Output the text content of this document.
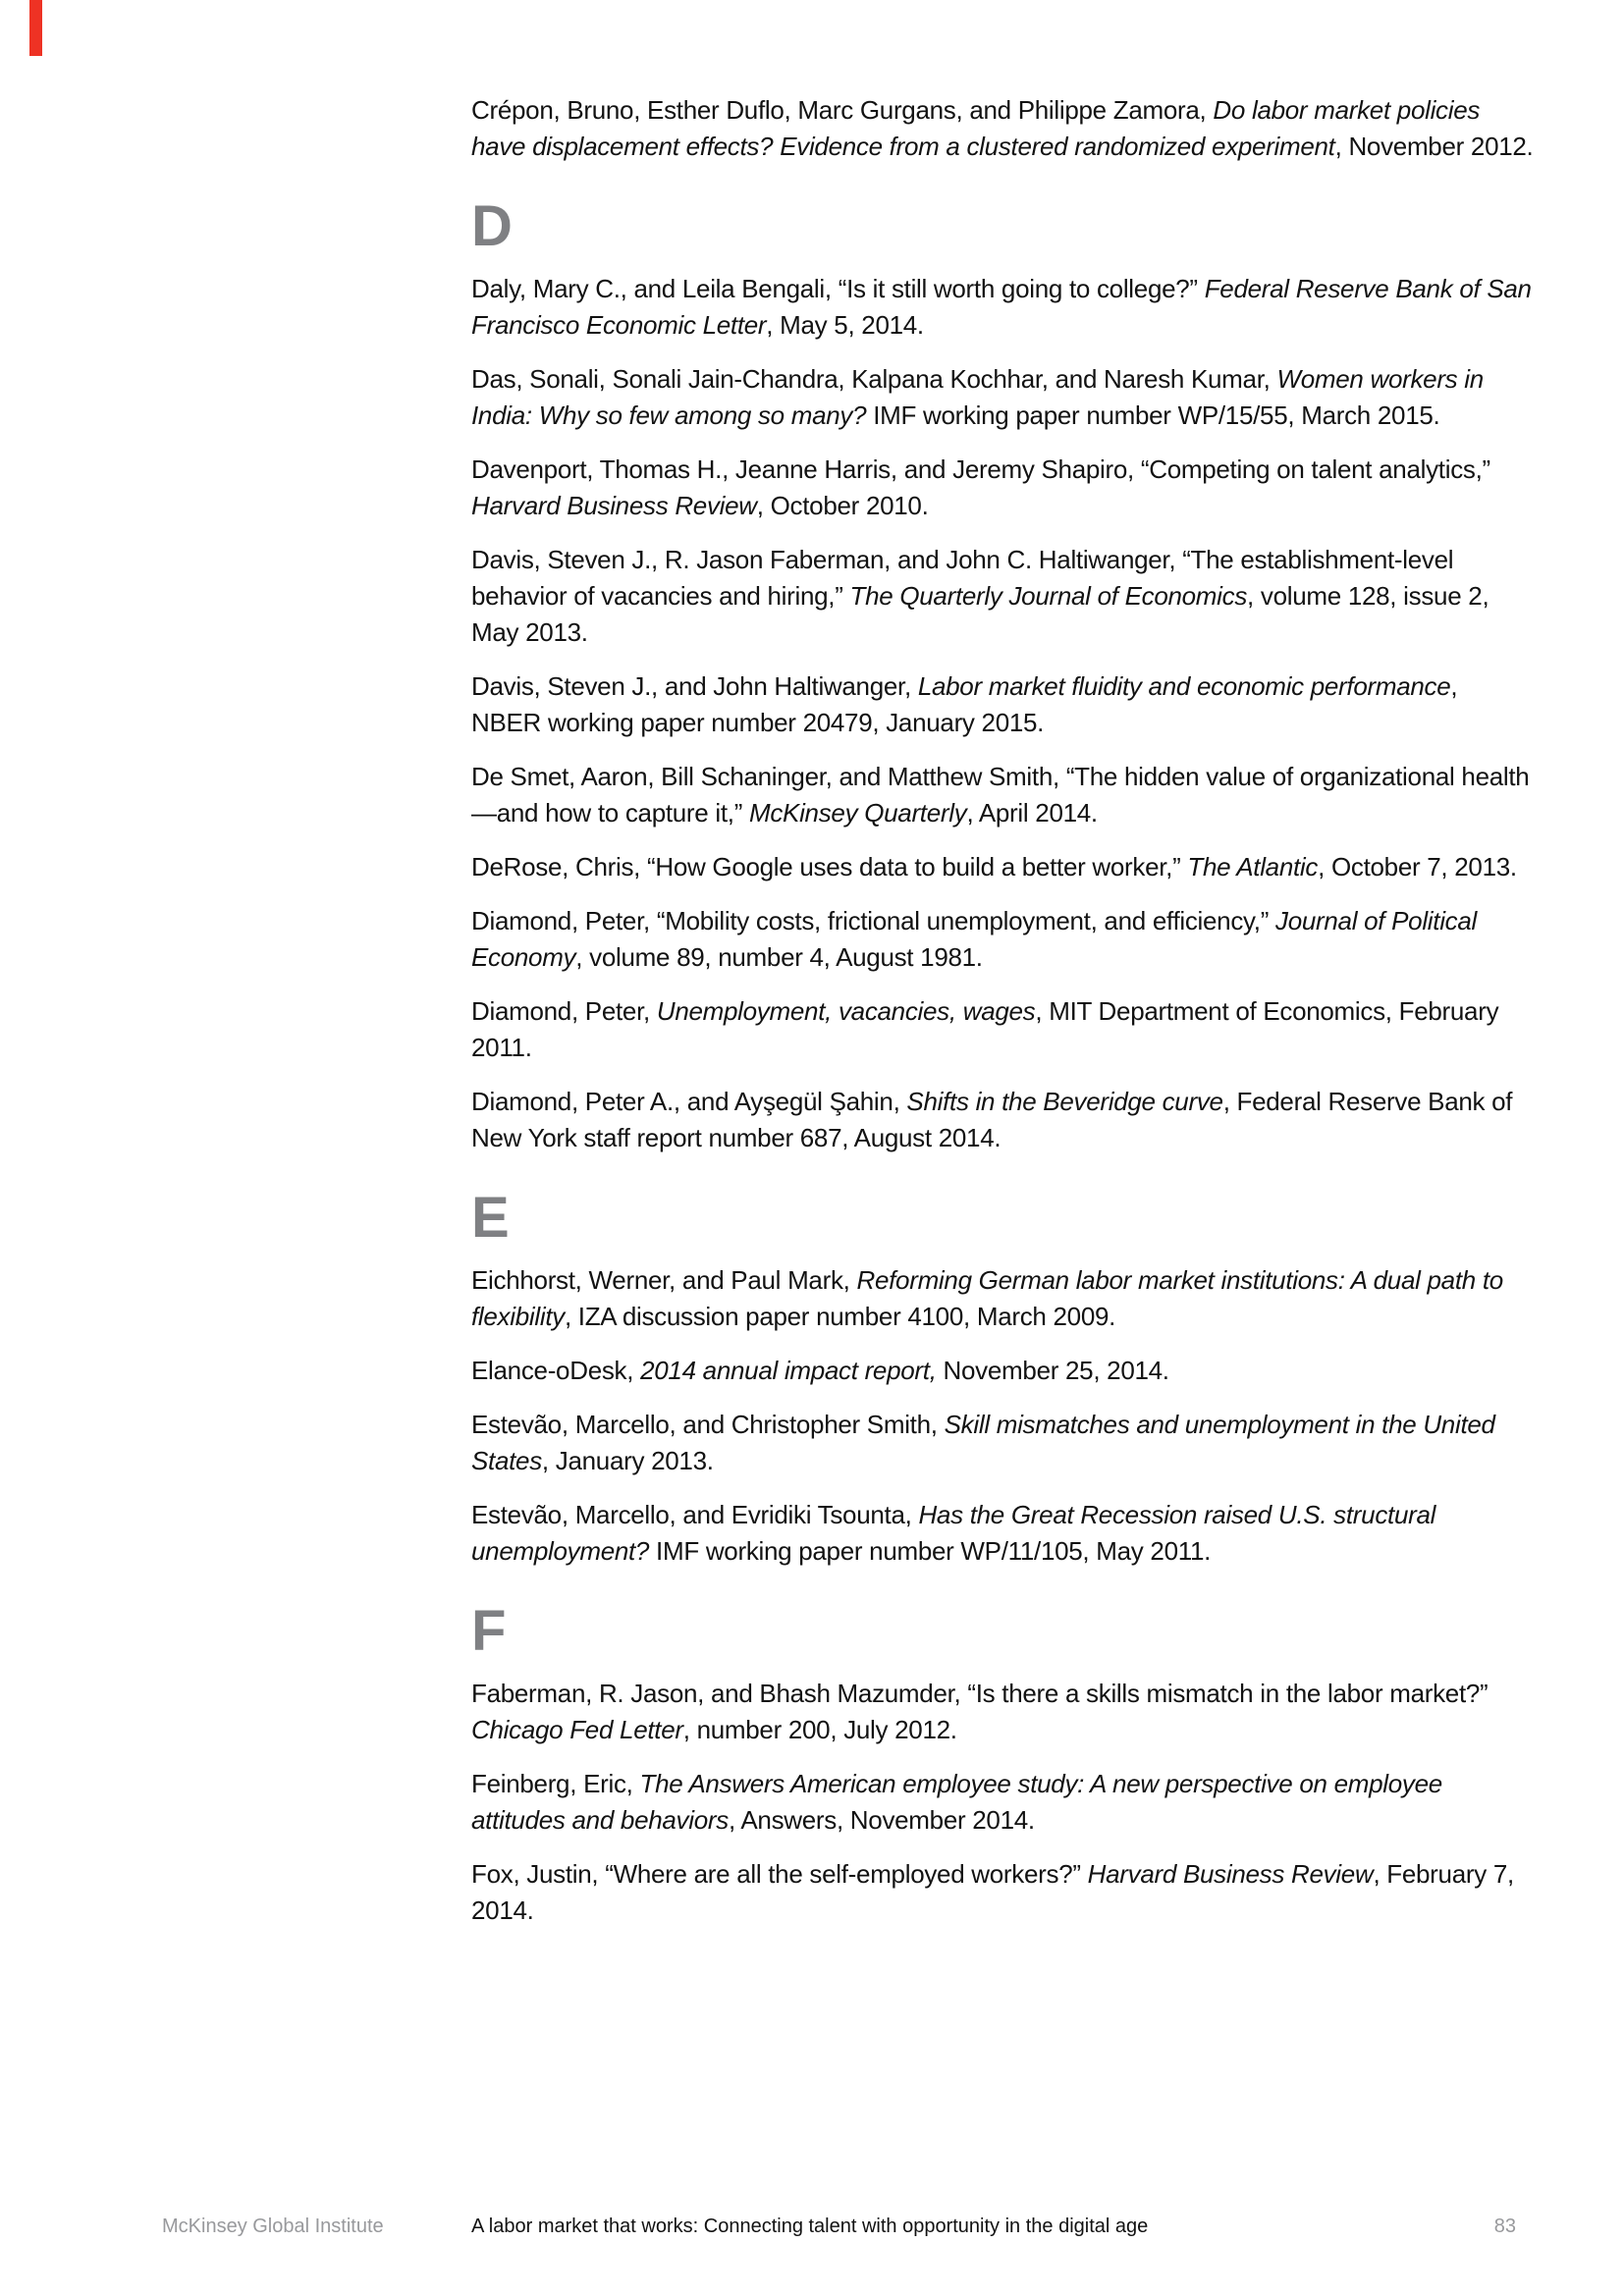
Crépon, Bruno, Esther Duflo, Marc Gurgans, and Philippe Zamora, Do labor market policies have displacement effects? Evidence from a clustered randomized experiment, November 2012.

D

Daly, Mary C., and Leila Bengali, “Is it still worth going to college?” Federal Reserve Bank of San Francisco Economic Letter, May 5, 2014.

Das, Sonali, Sonali Jain-Chandra, Kalpana Kochhar, and Naresh Kumar, Women workers in India: Why so few among so many? IMF working paper number WP/15/55, March 2015.

Davenport, Thomas H., Jeanne Harris, and Jeremy Shapiro, “Competing on talent analytics,” Harvard Business Review, October 2010.

Davis, Steven J., R. Jason Faberman, and John C. Haltiwanger, “The establishment-level behavior of vacancies and hiring,” The Quarterly Journal of Economics, volume 128, issue 2, May 2013.

Davis, Steven J., and John Haltiwanger, Labor market fluidity and economic performance, NBER working paper number 20479, January 2015.

De Smet, Aaron, Bill Schaninger, and Matthew Smith, “The hidden value of organizational health—and how to capture it,” McKinsey Quarterly, April 2014.

DeRose, Chris, “How Google uses data to build a better worker,” The Atlantic, October 7, 2013.

Diamond, Peter, “Mobility costs, frictional unemployment, and efficiency,” Journal of Political Economy, volume 89, number 4, August 1981.

Diamond, Peter, Unemployment, vacancies, wages, MIT Department of Economics, February 2011.

Diamond, Peter A., and Ayşegül Şahin, Shifts in the Beveridge curve, Federal Reserve Bank of New York staff report number 687, August 2014.

E

Eichhorst, Werner, and Paul Mark, Reforming German labor market institutions: A dual path to flexibility, IZA discussion paper number 4100, March 2009.

Elance-oDesk, 2014 annual impact report, November 25, 2014.

Estevão, Marcello, and Christopher Smith, Skill mismatches and unemployment in the United States, January 2013.

Estevão, Marcello, and Evridiki Tsounta, Has the Great Recession raised U.S. structural unemployment? IMF working paper number WP/11/105, May 2011.

F

Faberman, R. Jason, and Bhash Mazumder, “Is there a skills mismatch in the labor market?” Chicago Fed Letter, number 200, July 2012.

Feinberg, Eric, The Answers American employee study: A new perspective on employee attitudes and behaviors, Answers, November 2014.

Fox, Justin, “Where are all the self-employed workers?” Harvard Business Review, February 7, 2014.

McKinsey Global Institute	A labor market that works: Connecting talent with opportunity in the digital age	83
